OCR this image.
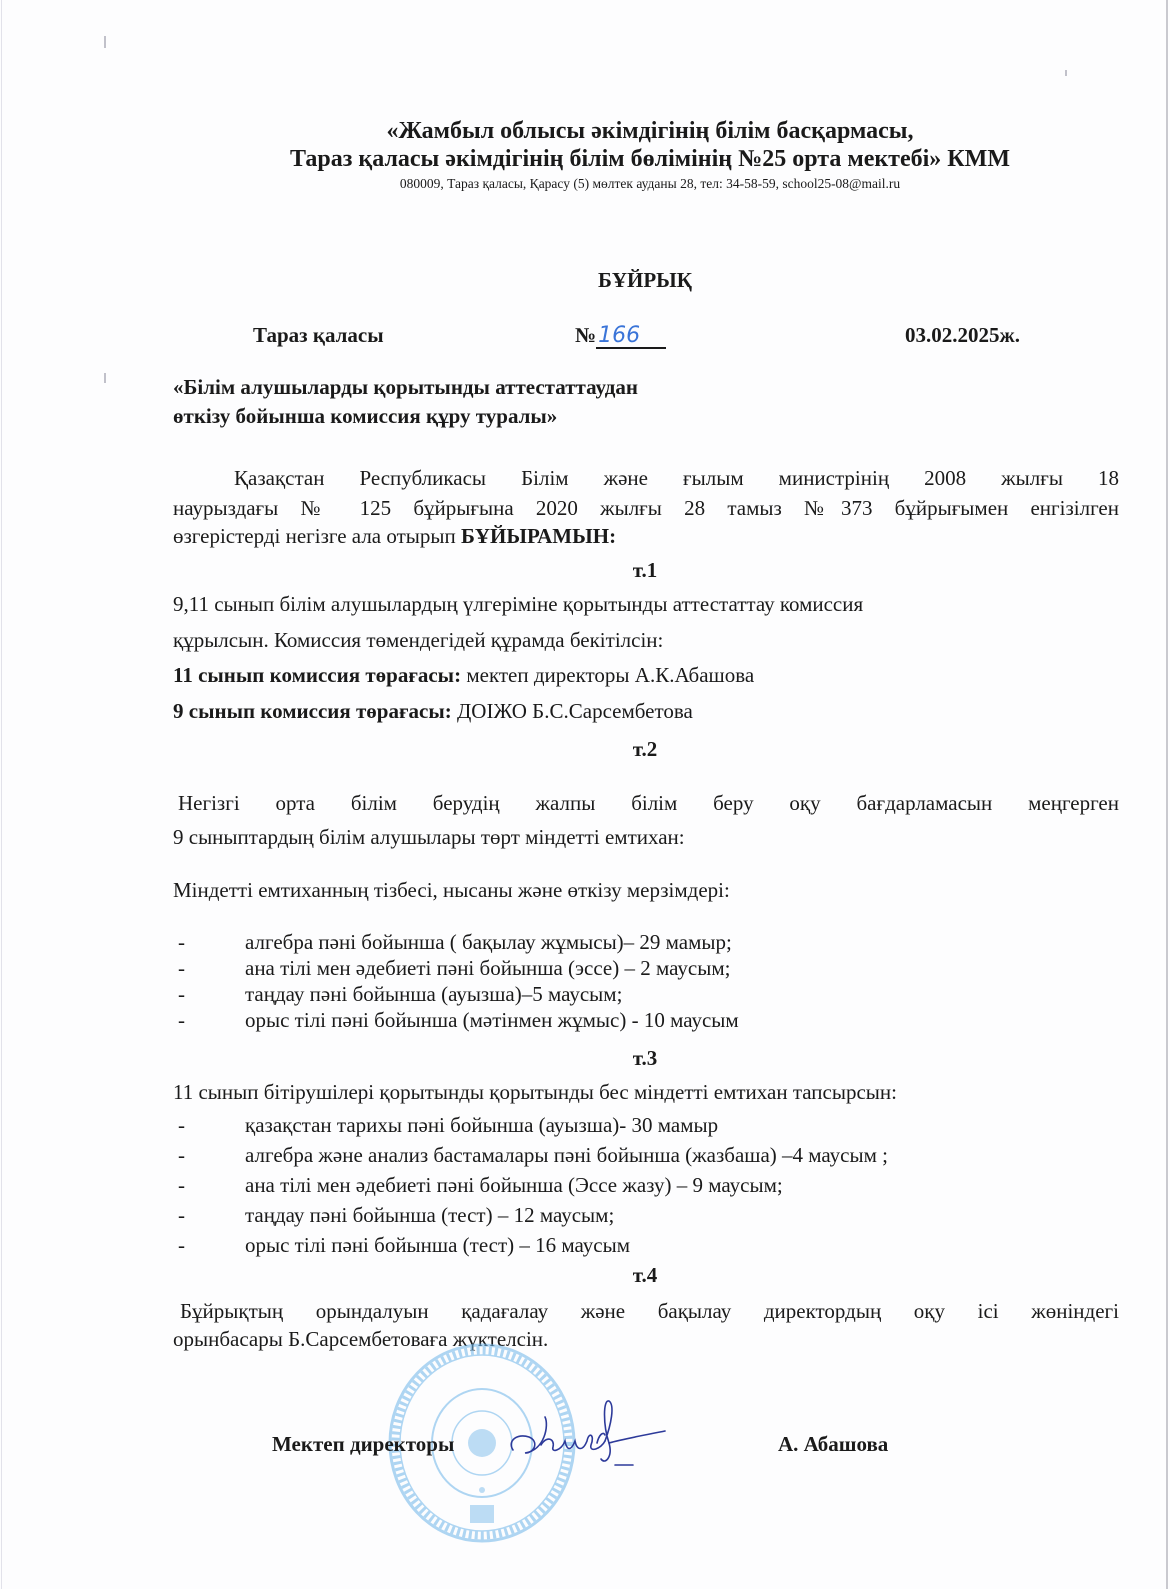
«Жамбыл облысы әкімдігінің білім басқармасы,
Тараз қаласы әкімдігінің білім бөлімінің №25 орта мектебі» КММ
080009, Тараз қаласы, Қарасу (5) мөлтек ауданы 28, тел: 34-58-59, school25-08@mail.ru
БҰЙРЫҚ
Тараз қаласы	№166	03.02.2025ж.
«Білім алушыларды қорытынды аттестаттаудан
өткізу бойынша комиссия құру туралы»
Қазақстан Республикасы Білім және ғылым министрінің 2008 жылғы 18
наурыздағы № 125 бұйрығына 2020 жылғы 28 тамыз №373 бұйрығымен енгізілген
өзгерістерді негізге ала отырып БҰЙЫРАМЫН:
т.1
9,11 сынып білім алушылардың үлгеріміне қорытынды аттестаттау комиссия
құрылсын. Комиссия төмендегідей құрамда бекітілсін:
11 сынып комиссия төрағасы: мектеп директоры А.К.Абашова
9 сынып комиссия төрағасы: ДОІЖО Б.С.Сарсембетова
т.2
Негізгі орта білім берудің жалпы білім беру оқу бағдарламасын меңгерген
9 сыныптардың білім алушылары төрт міндетті емтихан:
Міндетті емтиханның тізбесі, нысаны және өткізу мерзімдері:
-	алгебра пәні бойынша ( бақылау жұмысы)– 29 мамыр;
-	ана тілі мен әдебиеті пәні бойынша (эссе) – 2 маусым;
-	таңдау пәні бойынша (ауызша)–5 маусым;
-	орыс тілі пәні бойынша (мәтінмен жұмыс) - 10 маусым
т.3
11 сынып бітірушілері қорытынды қорытынды бес міндетті емтихан тапсырсын:
-	қазақстан тарихы пәні бойынша (ауызша)- 30 мамыр
-	алгебра және анализ бастамалары пәні бойынша (жазбаша) –4 маусым ;
-	ана тілі мен әдебиеті пәні бойынша (Эссе жазу) – 9 маусым;
-	таңдау пәні бойынша (тест) – 12 маусым;
-	орыс тілі пәні бойынша (тест) – 16 маусым
т.4
Бұйрықтың орындалуын қадағалау және бақылау директордың оқу ісі жөніндегі
орынбасары Б.Сарсембетоваға жүктелсін.
Мектеп директоры	А. Абашова
